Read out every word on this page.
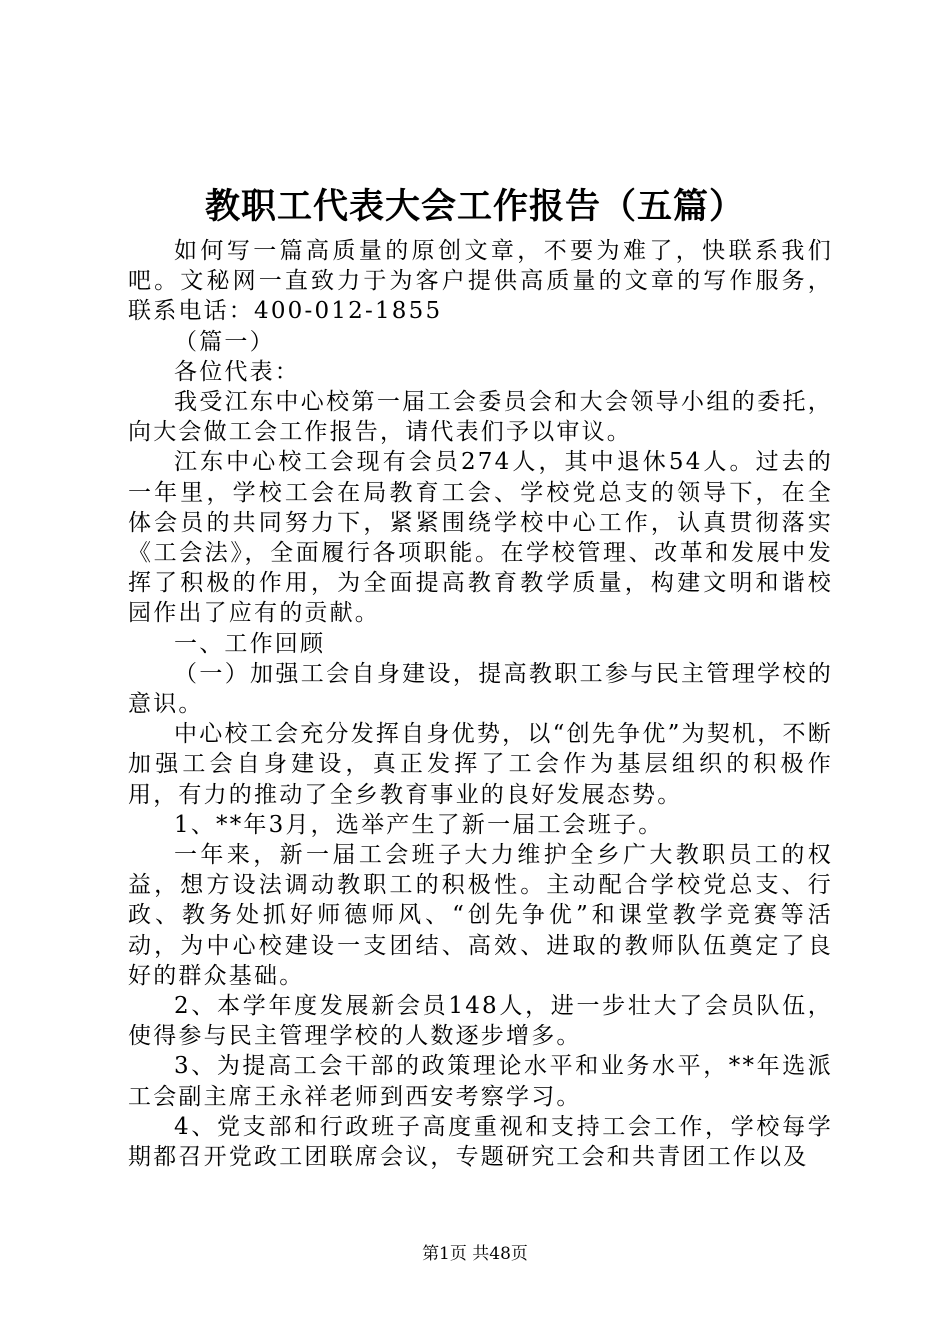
教职工代表大会工作报告（五篇）

如何写一篇高质量的原创文章，不要为难了，快联系我们吧。文秘网一直致力于为客户提供高质量的文章的写作服务，联系电话：400-012-1855

（篇一）

各位代表：

我受江东中心校第一届工会委员会和大会领导小组的委托，向大会做工会工作报告，请代表们予以审议。

江东中心校工会现有会员274人，其中退休54人。过去的一年里，学校工会在局教育工会、学校党总支的领导下，在全体会员的共同努力下，紧紧围绕学校中心工作，认真贯彻落实《工会法》，全面履行各项职能。在学校管理、改革和发展中发挥了积极的作用，为全面提高教育教学质量，构建文明和谐校园作出了应有的贡献。

一、工作回顾

（一）加强工会自身建设，提高教职工参与民主管理学校的意识。

中心校工会充分发挥自身优势，以“创先争优”为契机，不断加强工会自身建设，真正发挥了工会作为基层组织的积极作用，有力的推动了全乡教育事业的良好发展态势。

1、**年3月，选举产生了新一届工会班子。

一年来，新一届工会班子大力维护全乡广大教职员工的权益，想方设法调动教职工的积极性。主动配合学校党总支、行政、教务处抓好师德师风、“创先争优”和课堂教学竞赛等活动，为中心校建设一支团结、高效、进取的教师队伍奠定了良好的群众基础。

2、本学年度发展新会员148人，进一步壮大了会员队伍，使得参与民主管理学校的人数逐步增多。

3、为提高工会干部的政策理论水平和业务水平，**年选派工会副主席王永祥老师到西安考察学习。

4、党支部和行政班子高度重视和支持工会工作，学校每学期都召开党政工团联席会议，专题研究工会和共青团工作以及

第1页 共48页
